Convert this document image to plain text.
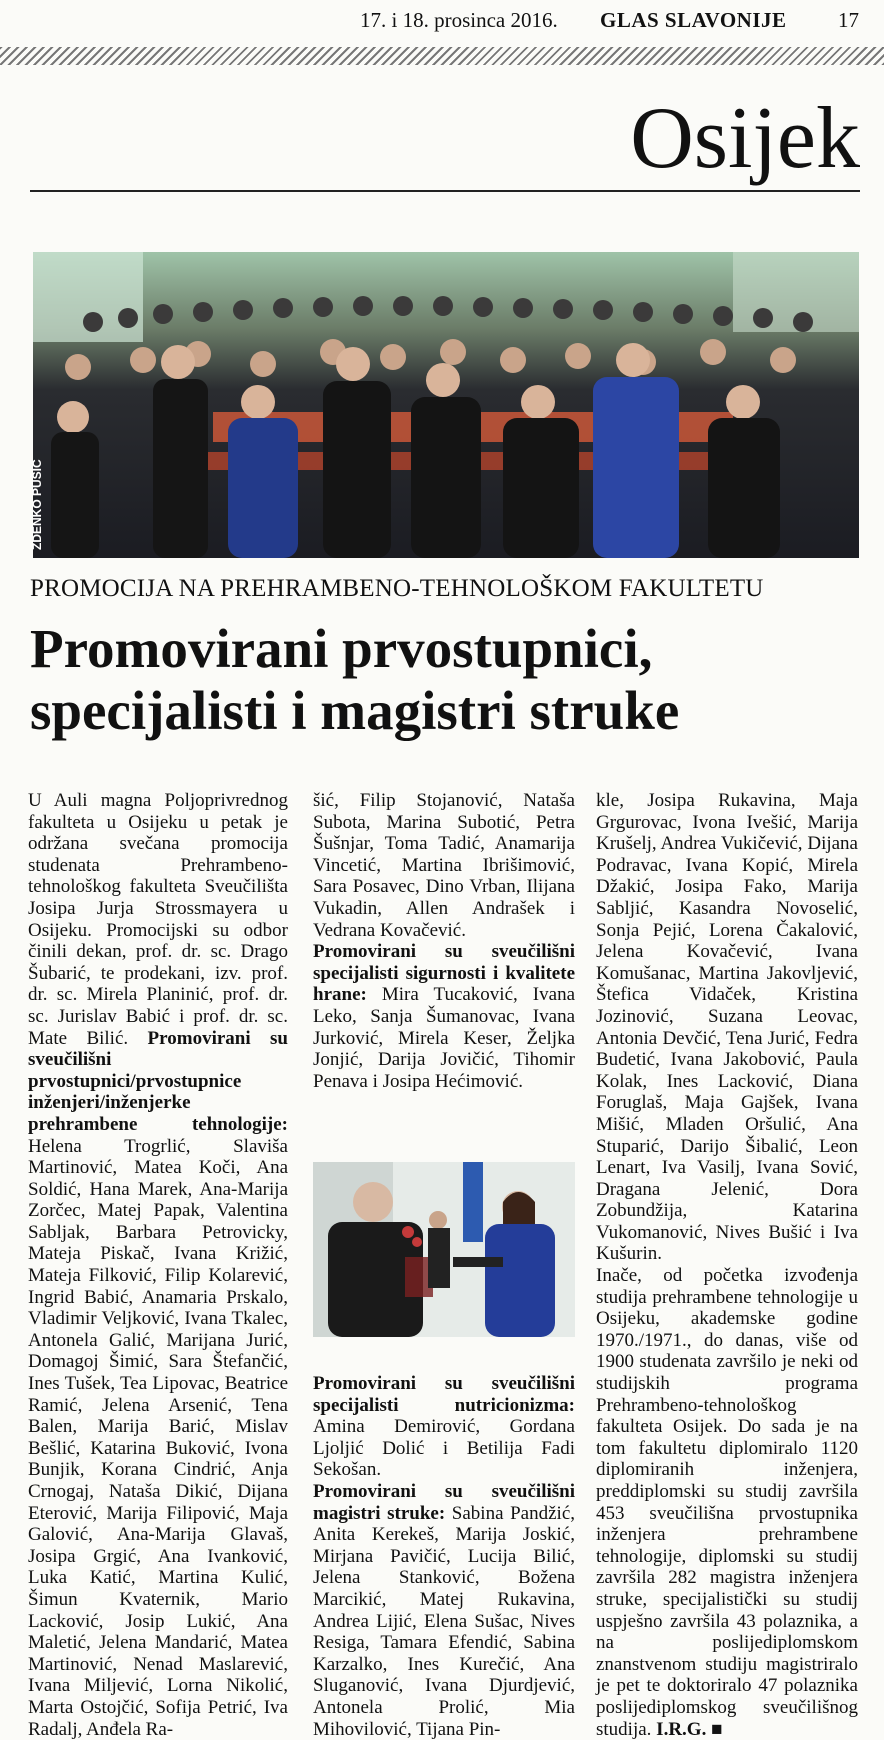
17. i 18. prosinca 2016. GLAS SLAVONIJE 17
Osijek
ZDENKO PUŠIĆ
PROMOCIJA NA PREHRAMBENO-TEHNOLOŠKOM FAKULTETU
Promovirani prvostupnici, specijalisti i magistri struke

U Auli magna Poljoprivrednog fakulteta u Osijeku u petak je održana svečana promocija studenata Prehrambeno-tehnološkog fakulteta Sveučilišta Josipa Jurja Strossmayera u Osijeku. Promocijski su odbor činili dekan, prof. dr. sc. Drago Šubarić, te prodekani, izv. prof. dr. sc. Mirela Planinić, prof. dr. sc. Jurislav Babić i prof. dr. sc. Mate Bilić. Promovirani su sveučilišni prvostupnici/prvostupnice inženjeri/inženjerke prehrambene tehnologije: Helena Trogrlić, Slaviša Martinović, Matea Koči, Ana Soldić, Hana Marek, Ana-Marija Zorčec, Matej Papak, Valentina Sabljak, Barbara Petrovicky, Mateja Piskač, Ivana Križić, Mateja Filković, Filip Kolarević, Ingrid Babić, Anamaria Prskalo, Vladimir Veljković, Ivana Tkalec, Antonela Galić, Marijana Jurić, Domagoj Šimić, Sara Štefančić, Ines Tušek, Tea Lipovac, Beatrice Ramić, Jelena Arsenić, Tena Balen, Marija Barić, Mislav Bešlić, Katarina Buković, Ivona Bunjik, Korana Cindrić, Anja Crnogaj, Nataša Dikić, Dijana Eterović, Marija Filipović, Maja Galović, Ana-Marija Glavaš, Josipa Grgić, Ana Ivanković, Luka Katić, Martina Kulić, Šimun Kvaternik, Mario Lacković, Josip Lukić, Ana Maletić, Jelena Mandarić, Matea Martinović, Nenad Maslarević, Ivana Miljević, Lorna Nikolić, Marta Ostojčić, Sofija Petrić, Iva Radalj, Anđela Ra-

šić, Filip Stojanović, Nataša Subota, Marina Subotić, Petra Šušnjar, Toma Tadić, Anamarija Vincetić, Martina Ibrišimović, Sara Posavec, Dino Vrban, Ilijana Vukadin, Allen Andrašek i Vedrana Kovačević.

Promovirani su sveučilišni specijalisti sigurnosti i kvalitete hrane: Mira Tucaković, Ivana Leko, Sanja Šumanovac, Ivana Jurković, Mirela Keser, Željka Jonjić, Darija Jovičić, Tihomir Penava i Josipa Hećimović.

Promovirani su sveučilišni specijalisti nutricionizma: Amina Demirović, Gordana Ljoljić Dolić i Betilija Fadi Sekošan.

Promovirani su sveučilišni magistri struke: Sabina Pandžić, Anita Kerekeš, Marija Joskić, Mirjana Pavičić, Lucija Bilić, Jelena Stanković, Božena Marcikić, Matej Rukavina, Andrea Lijić, Elena Sušac, Nives Resiga, Tamara Efendić, Sabina Karzalko, Ines Kurečić, Ana Sluganović, Ivana Djurdjević, Antonela Prolić, Mia Mihovilović, Tijana Pin-

kle, Josipa Rukavina, Maja Grgurovac, Ivona Ivešić, Marija Krušelj, Andrea Vukičević, Dijana Podravac, Ivana Kopić, Mirela Džakić, Josipa Fako, Marija Sabljić, Kasandra Novoselić, Sonja Pejić, Lorena Čakalović, Jelena Kovačević, Ivana Komušanac, Martina Jakovljević, Štefica Vidaček, Kristina Jozinović, Suzana Leovac, Antonia Devčić, Tena Jurić, Fedra Budetić, Ivana Jakobović, Paula Kolak, Ines Lacković, Diana Foruglaš, Maja Gajšek, Ivana Mišić, Mladen Oršulić, Ana Stuparić, Darijo Šibalić, Leon Lenart, Iva Vasilj, Ivana Sović, Dragana Jelenić, Dora Zobundžija, Katarina Vukomanović, Nives Bušić i Iva Kušurin.

Inače, od početka izvođenja studija prehrambene tehnologije u Osijeku, akademske godine 1970./1971., do danas, više od 1900 studenata završilo je neki od studijskih programa Prehrambeno-tehnološkog fakulteta Osijek. Do sada je na tom fakultetu diplomiralo 1120 diplomiranih inženjera, preddiplomski su studij završila 453 sveučilišna prvostupnika inženjera prehrambene tehnologije, diplomski su studij završila 282 magistra inženjera struke, specijalistički su studij uspješno završila 43 polaznika, a na poslijediplomskom znanstvenom studiju magistriralo je pet te doktoriralo 47 polaznika poslijediplomskog sveučilišnog studija. I.R.G. ■
